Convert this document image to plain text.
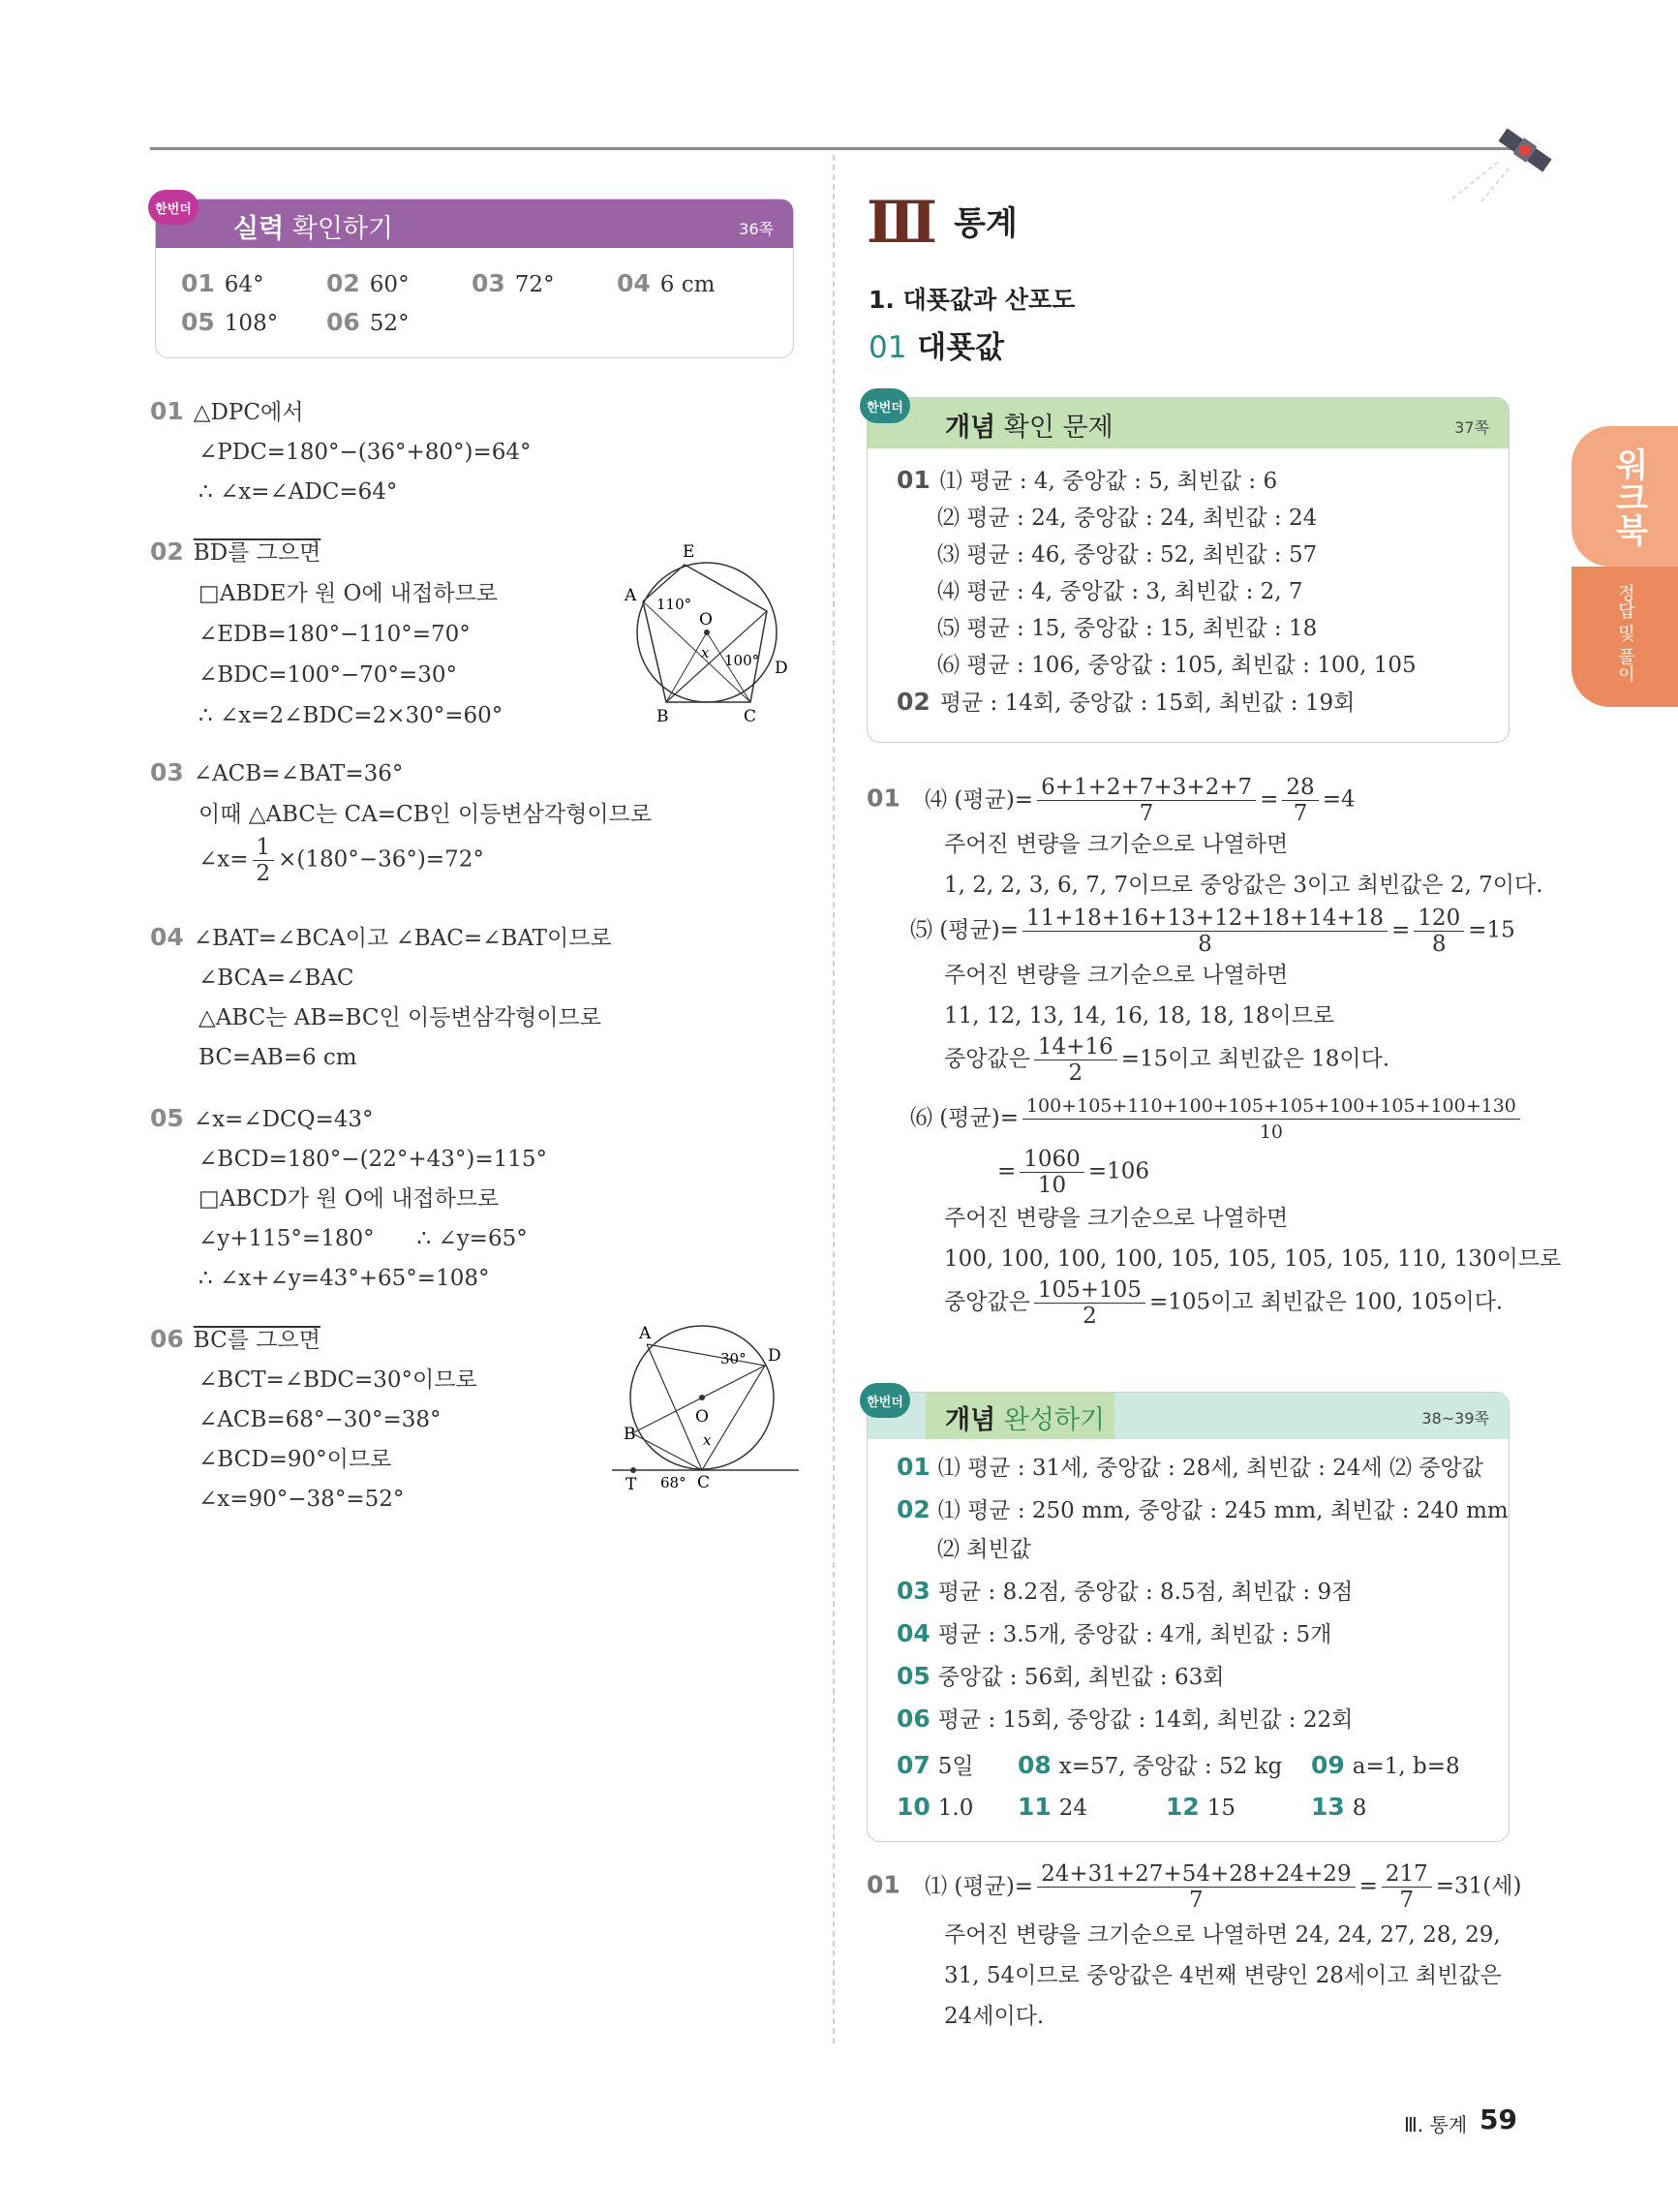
한번더
실력 확인하기	36쪽
01 64°	02 60°	03 72°	04 6 cm
05 108° 06 52°
01 △DPC에서
∠PDC=180°−(36°+80°)=64°
∴ ∠x=∠ADC=64°
02 BD를 그으면
□ABDE가 원 O에 내접하므로
∠EDB=180°−110°=70°
∠BDC=100°−70°=30°
∴ ∠x=2∠BDC=2×30°=60°
E
A
O
x
D
B	C
110°
100°
03 ∠ACB=∠BAT=36°
이때 △ABC는 CA=CB인 이등변삼각형이므로
∠x= $\frac{1}{2} \times(180^\circ-36^\circ)=72^\circ$
04 ∠BAT=∠BCA이고 ∠BAC=∠BAT이므로
∠BCA=∠BAC
△ABC는 AB=BC인 이등변삼각형이므로
BC=AB=6 cm
05 ∠x=∠DCQ=43°
∠BCD=180°−(22°+43°)=115°
□ABCD가 원 O에 내접하므로
∠y+115°=180°      ∴ ∠y=65°
∴ ∠x+∠y=43°+65°=108°
06 BC를 그으면
∠BCT=∠BDC=30°이므로
∠ACB=68°−30°=38°
∠BCD=90°이므로
∠x=90°−38°=52°
A
D
30°
O
B	x
T 68° C
Ⅲ 통계
1. 대푯값과 산포도
01 대푯값
한번더
개념 확인 문제	37쪽
01 ⑴ 평균 : 4, 중앙값 : 5, 최빈값 : 6
⑵ 평균 : 24, 중앙값 : 24, 최빈값 : 24
⑶ 평균 : 46, 중앙값 : 52, 최빈값 : 57
⑷ 평균 : 4, 중앙값 : 3, 최빈값 : 2, 7
⑸ 평균 : 15, 중앙값 : 15, 최빈값 : 18
⑹ 평균 : 106, 중앙값 : 105, 최빈값 : 100, 105
02 평균 : 14회, 중앙값 : 15회, 최빈값 : 19회
01 ⑷ (평균)= $\frac{6+1+2+7+3+2+7}{7} = \frac{28}{7} =4$
주어진 변량을 크기순으로 나열하면
1, 2, 2, 3, 6, 7, 7이므로 중앙값은 3이고 최빈값은 2, 7이다.
⑸ (평균)= $\frac{11+18+16+13+12+18+14+18}{8} = \frac{120}{8} =15$
주어진 변량을 크기순으로 나열하면
11, 12, 13, 14, 16, 18, 18, 18이므로
중앙값은 $\frac{14+16}{2} =15$이고 최빈값은 18이다.
⑹ (평균)= $\frac{100+105+110+100+105+105+100+105+100+130}{10}$
= $\frac{1060}{10} =106$
주어진 변량을 크기순으로 나열하면
100, 100, 100, 100, 105, 105, 105, 105, 110, 130이므로
중앙값은 $\frac{105+105}{2} =105$이고 최빈값은 100, 105이다.
한번더
개념 완성하기	38~39쪽
01 ⑴ 평균 : 31세, 중앙값 : 28세, 최빈값 : 24세 ⑵ 중앙값
02 ⑴ 평균 : 250 mm, 중앙값 : 245 mm, 최빈값 : 240 mm
⑵ 최빈값
03 평균 : 8.2점, 중앙값 : 8.5점, 최빈값 : 9점
04 평균 : 3.5개, 중앙값 : 4개, 최빈값 : 5개
05 중앙값 : 56회, 최빈값 : 63회
06 평균 : 15회, 중앙값 : 14회, 최빈값 : 22회
07 5일 08 x=57, 중앙값 : 52 kg 09 a=1, b=8
10 1.0 11 24	12 15	13 8
01 ⑴ (평균)= $\frac{24+31+27+54+28+24+29}{7} = \frac{217}{7} =31$(세)
주어진 변량을 크기순으로 나열하면 24, 24, 27, 28, 29,
31, 54이므로 중앙값은 4번째 변량인 28세이고 최빈값은
24세이다.
워크북
정답 및 풀이
Ⅲ. 통계 59
